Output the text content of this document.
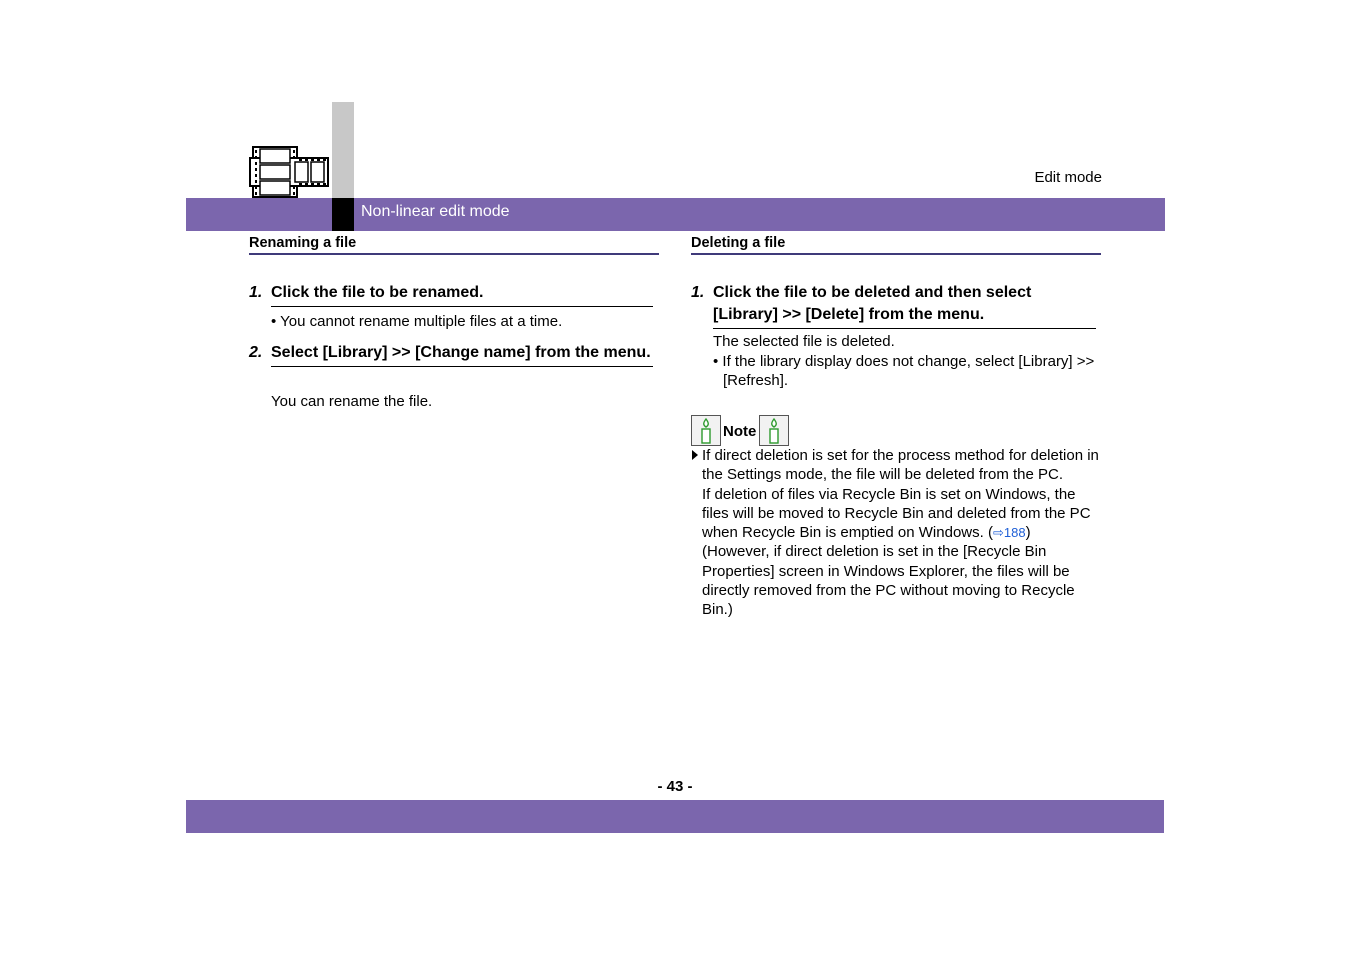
Edit mode
Non-linear edit mode
Renaming a file
1. Click the file to be renamed.
• You cannot rename multiple files at a time.
2. Select [Library] >> [Change name] from the menu.
You can rename the file.
Deleting a file
1. Click the file to be deleted and then select [Library] >> [Delete] from the menu.
The selected file is deleted.
• If the library display does not change, select [Library] >> [Refresh].
Note
If direct deletion is set for the process method for deletion in the Settings mode, the file will be deleted from the PC.
If deletion of files via Recycle Bin is set on Windows, the files will be moved to Recycle Bin and deleted from the PC when Recycle Bin is emptied on Windows. (⇨188)
(However, if direct deletion is set in the [Recycle Bin Properties] screen in Windows Explorer, the files will be directly removed from the PC without moving to Recycle Bin.)
- 43 -
